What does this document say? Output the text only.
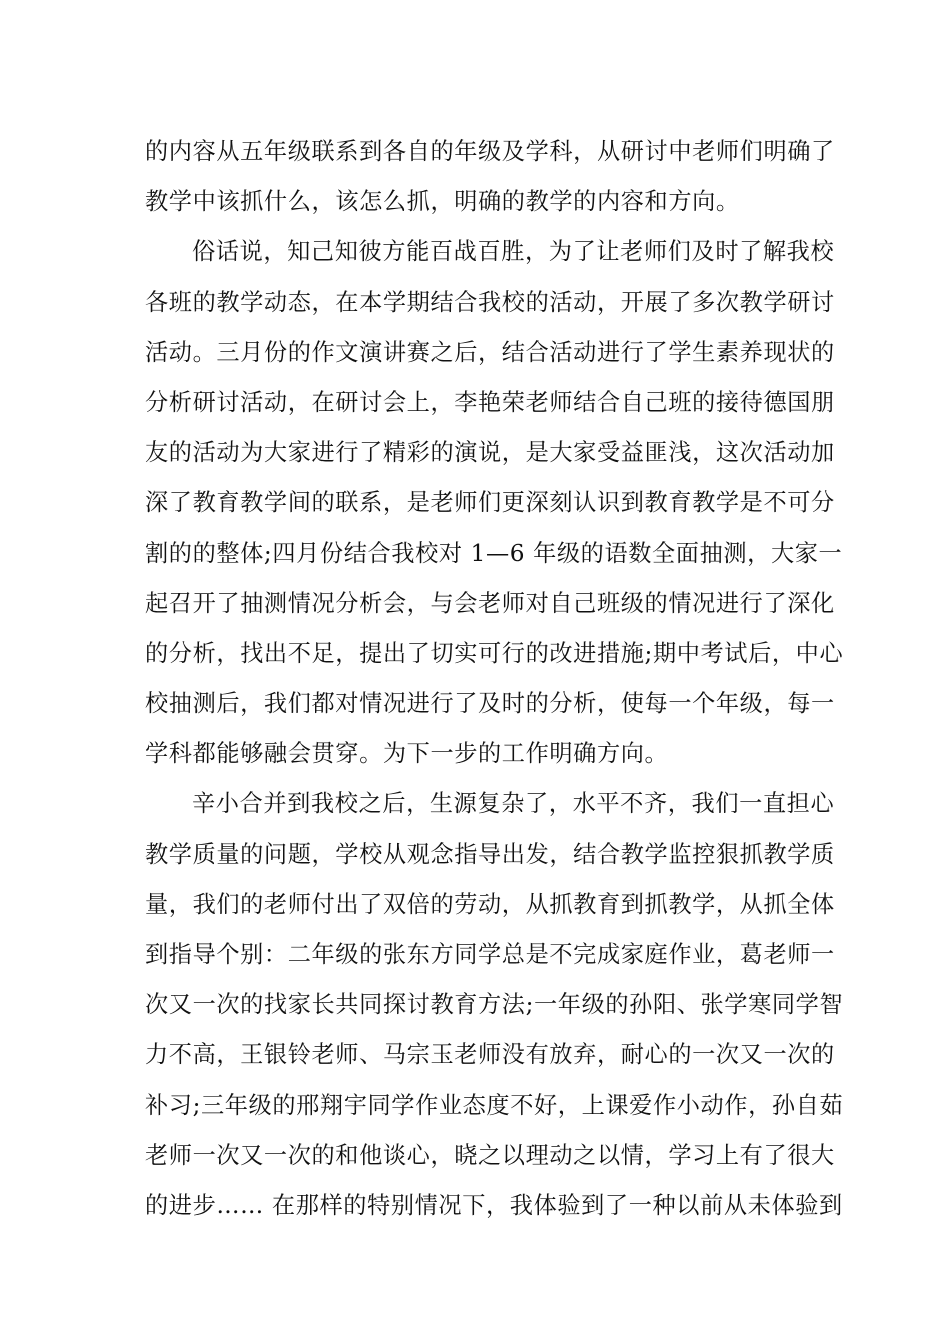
的内容从五年级联系到各自的年级及学科，从研讨中老师们明确了
教学中该抓什么，该怎么抓，明确的教学的内容和方向。
俗话说，知己知彼方能百战百胜，为了让老师们及时了解我校
各班的教学动态，在本学期结合我校的活动，开展了多次教学研讨
活动。三月份的作文演讲赛之后，结合活动进行了学生素养现状的
分析研讨活动，在研讨会上，李艳荣老师结合自己班的接待德国朋
友的活动为大家进行了精彩的演说，是大家受益匪浅，这次活动加
深了教育教学间的联系，是老师们更深刻认识到教育教学是不可分
割的的整体;四月份结合我校对 1—6 年级的语数全面抽测，大家一
起召开了抽测情况分析会，与会老师对自己班级的情况进行了深化
的分析，找出不足，提出了切实可行的改进措施;期中考试后，中心
校抽测后，我们都对情况进行了及时的分析，使每一个年级，每一
学科都能够融会贯穿。为下一步的工作明确方向。
辛小合并到我校之后，生源复杂了，水平不齐，我们一直担心
教学质量的问题，学校从观念指导出发，结合教学监控狠抓教学质
量，我们的老师付出了双倍的劳动，从抓教育到抓教学，从抓全体
到指导个别：二年级的张东方同学总是不完成家庭作业，葛老师一
次又一次的找家长共同探讨教育方法;一年级的孙阳、张学寒同学智
力不高，王银铃老师、马宗玉老师没有放弃，耐心的一次又一次的
补习;三年级的邢翔宇同学作业态度不好，上课爱作小动作，孙自茹
老师一次又一次的和他谈心，晓之以理动之以情，学习上有了很大
的进步…… 在那样的特别情况下，我体验到了一种以前从未体验到
